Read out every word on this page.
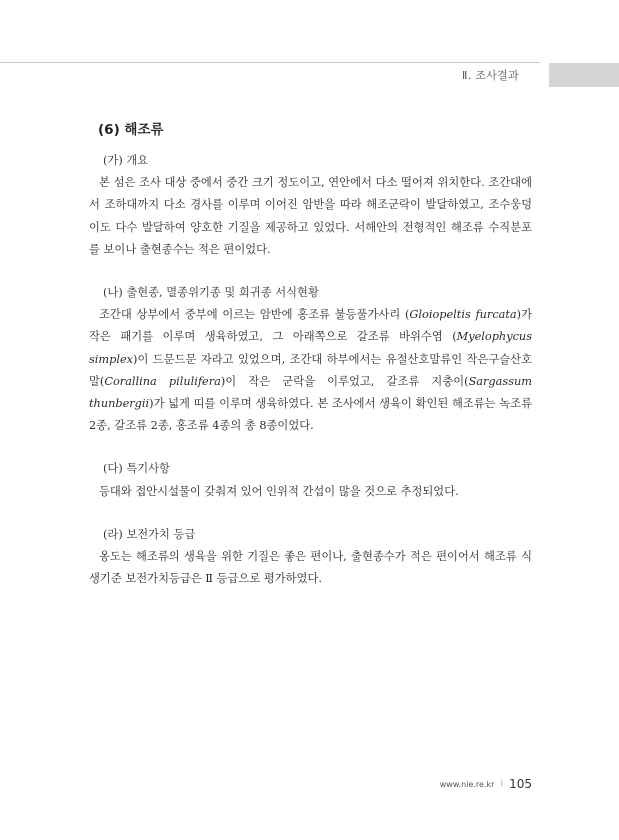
Ⅱ. 조사결과
(6) 해조류
(가) 개요
본 섬은 조사 대상 중에서 중간 크기 정도이고, 연안에서 다소 떨어져 위치한다. 조간대에서 조하대까지 다소 경사를 이루며 이어진 암반을 따라 해조군락이 발달하였고, 조수웅덩이도 다수 발달하여 양호한 기질을 제공하고 있었다. 서해안의 전형적인 해조류 수직분포를 보이나 출현종수는 적은 편이었다.
(나) 출현종, 멸종위기종 및 희귀종 서식현황
조간대 상부에서 중부에 이르는 암반에 홍조류 불등풀가사리 (Gloiopeltis furcata)가 작은 패기를 이루며 생육하였고, 그 아래쪽으로 갈조류 바위수염 (Myelophycus simplex)이 드문드문 자라고 있었으며, 조간대 하부에서는 유절산호말류인 작은구슬산호말(Corallina pilulifera)이 작은 군락을 이루었고, 갈조류 지충이(Sargassum thunbergii)가 넓게 띠를 이루며 생육하였다. 본 조사에서 생육이 확인된 해조류는 녹조류 2종, 갈조류 2종, 홍조류 4종의 총 8종이었다.
(다) 특기사항
등대와 접안시설물이 갖춰져 있어 인위적 간섭이 많을 것으로 추정되었다.
(라) 보전가치 등급
옹도는 해조류의 생육을 위한 기질은 좋은 편이나, 출현종수가 적은 편이어서 해조류 식생기준 보전가치등급은 Ⅱ 등급으로 평가하였다.
www.nie.re.kr I 105
